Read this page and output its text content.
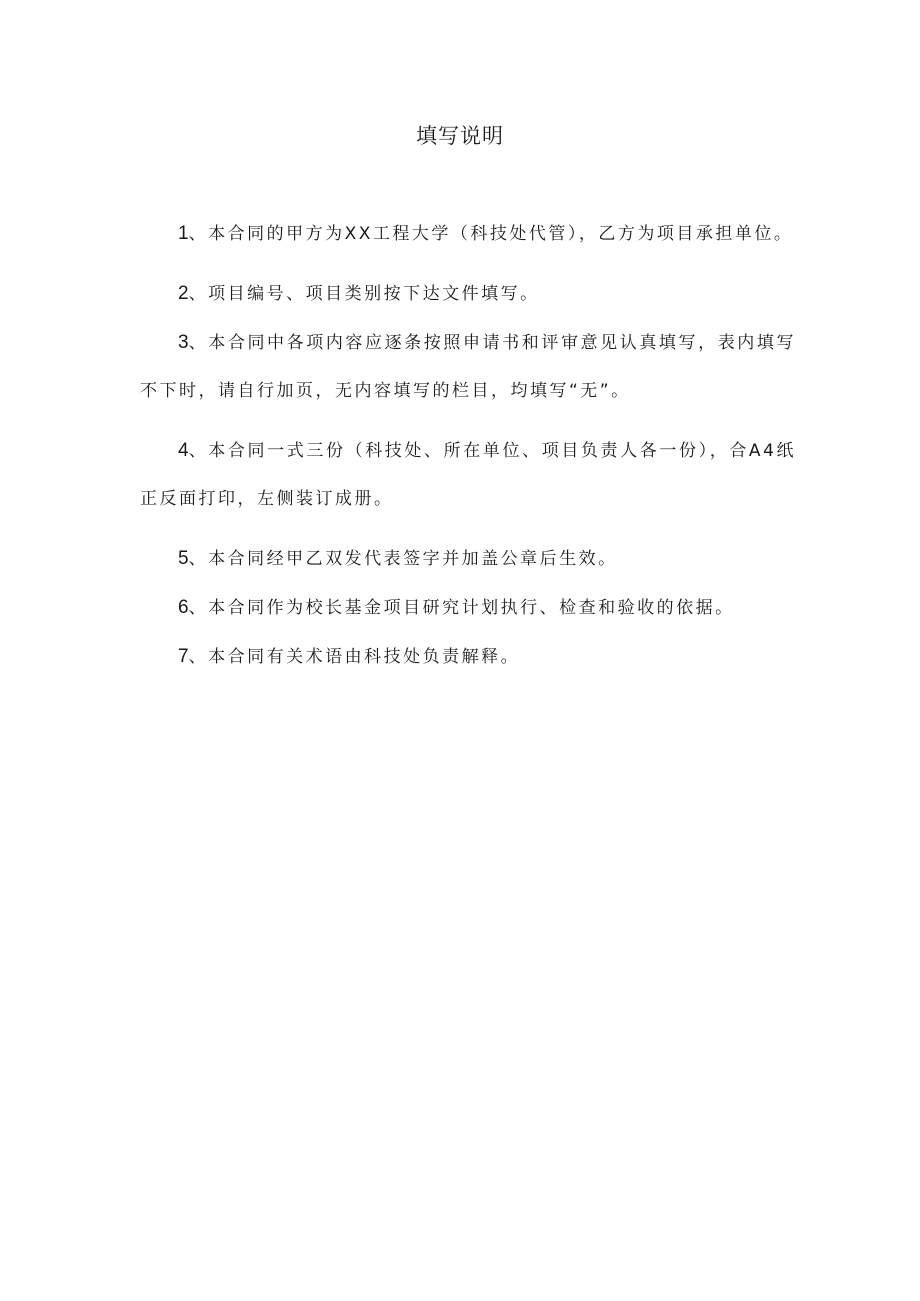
填写说明

1、本合同的甲方为XX工程大学（科技处代管），乙方为项目承担单位。

2、项目编号、项目类别按下达文件填写。

3、本合同中各项内容应逐条按照申请书和评审意见认真填写，表内填写不下时，请自行加页，无内容填写的栏目，均填写“无”。

4、本合同一式三份（科技处、所在单位、项目负责人各一份），合A4纸正反面打印，左侧装订成册。

5、本合同经甲乙双发代表签字并加盖公章后生效。

6、本合同作为校长基金项目研究计划执行、检查和验收的依据。

7、本合同有关术语由科技处负责解释。
